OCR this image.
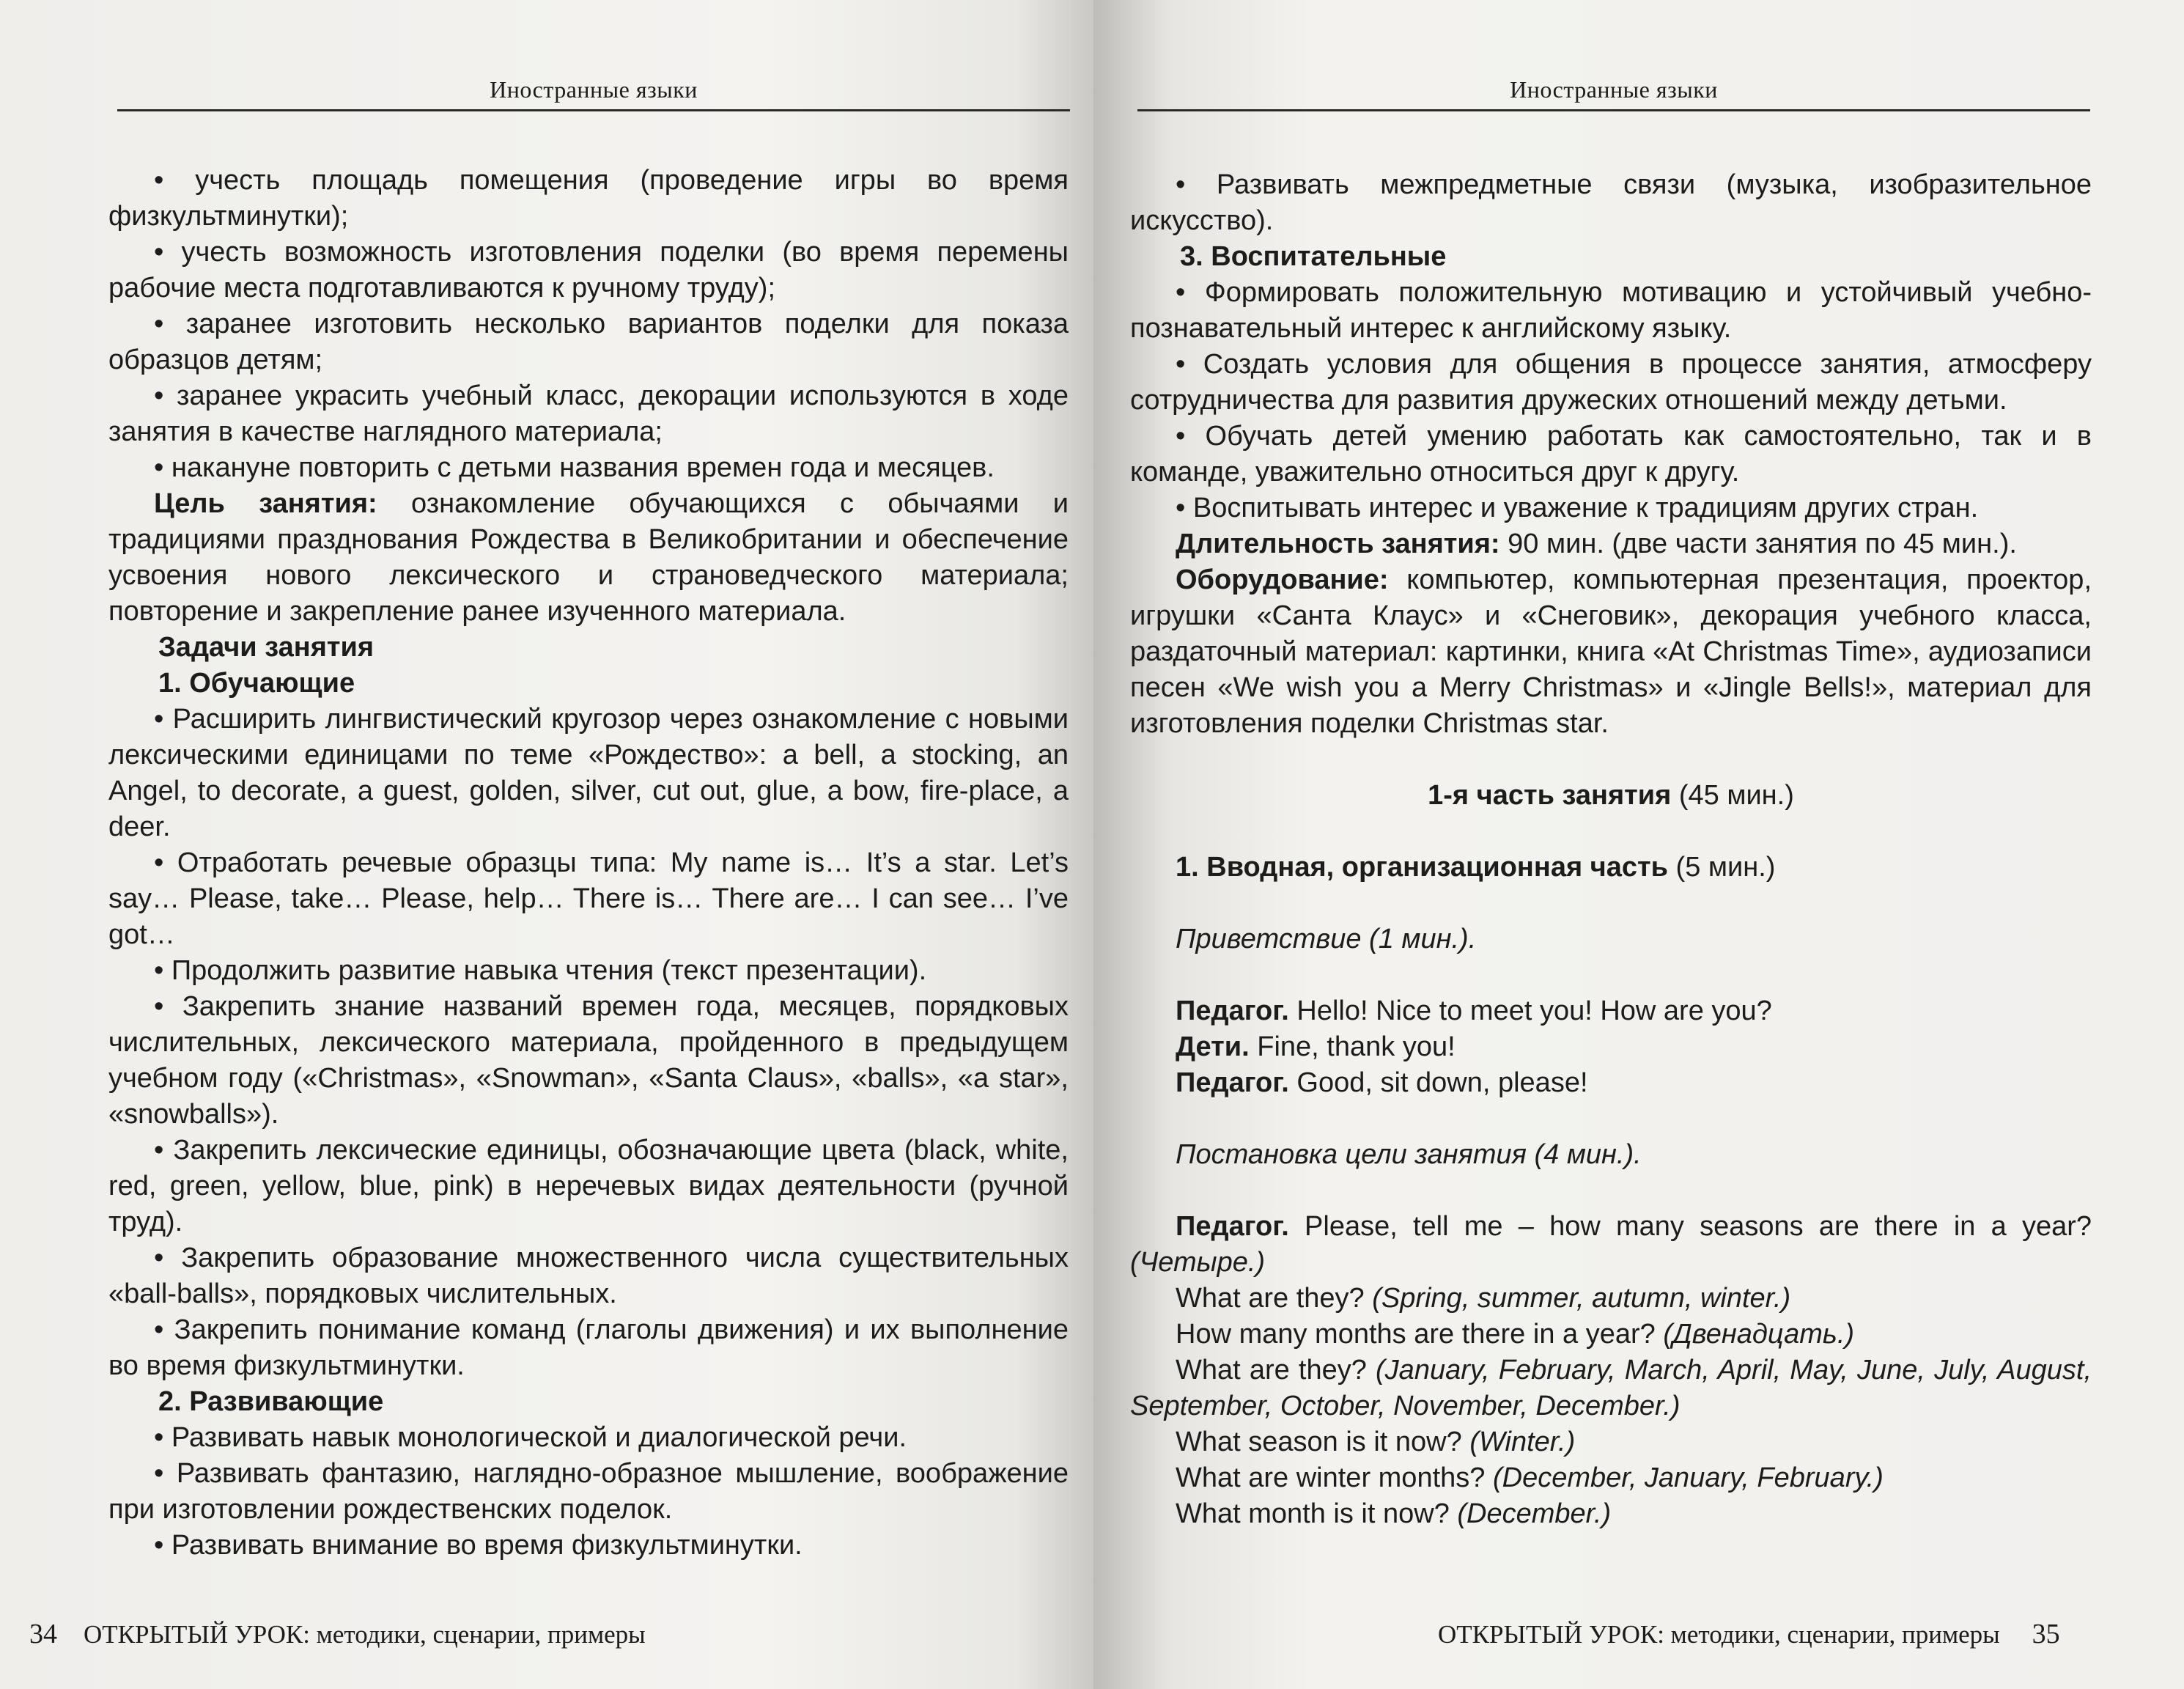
Иностранные языки

• учесть площадь помещения (проведение игры во время физкультминутки);

• учесть возможность изготовления поделки (во время перемены рабочие места подготавливаются к ручному труду);

• заранее изготовить несколько вариантов поделки для показа образцов детям;

• заранее украсить учебный класс, декорации используются в ходе занятия в качестве наглядного материала;

• накануне повторить с детьми названия времен года и месяцев.

Цель занятия: ознакомление обучающихся с обычаями и традициями празднования Рождества в Великобритании и обеспечение усвоения нового лексического и страноведческого материала; повторение и закрепление ранее изученного материала.

Задачи занятия

1. Обучающие

• Расширить лингвистический кругозор через ознакомление с новыми лексическими единицами по теме «Рождество»: a bell, a stocking, an Angel, to decorate, a guest, golden, silver, cut out, glue, a bow, fire-place, a deer.

• Отработать речевые образцы типа: My name is… It’s a star. Let’s say… Please, take… Please, help… There is… There are… I can see… I’ve got…

• Продолжить развитие навыка чтения (текст презентации).

• Закрепить знание названий времен года, месяцев, порядковых числительных, лексического материала, пройденного в предыдущем учебном году («Christmas», «Snowman», «Santa Claus», «balls», «a star», «snowballs»).

• Закрепить лексические единицы, обозначающие цвета (black, white, red, green, yellow, blue, pink) в неречевых видах деятельности (ручной труд).

• Закрепить образование множественного числа существительных «ball-balls», порядковых числительных.

• Закрепить понимание команд (глаголы движения) и их выполнение во время физкультминутки.

2. Развивающие

• Развивать навык монологической и диалогической речи.

• Развивать фантазию, наглядно-образное мышление, воображение при изготовлении рождественских поделок.

• Развивать внимание во время физкультминутки.

34 ОТКРЫТЫЙ УРОК: методики, сценарии, примеры
Иностранные языки

• Развивать межпредметные связи (музыка, изобразительное искусство).

3. Воспитательные

• Формировать положительную мотивацию и устойчивый учебно-познавательный интерес к английскому языку.

• Создать условия для общения в процессе занятия, атмосферу сотрудничества для развития дружеских отношений между детьми.

• Обучать детей умению работать как самостоятельно, так и в команде, уважительно относиться друг к другу.

• Воспитывать интерес и уважение к традициям других стран.

Длительность занятия: 90 мин. (две части занятия по 45 мин.).

Оборудование: компьютер, компьютерная презентация, проектор, игрушки «Санта Клаус» и «Снеговик», декорация учебного класса, раздаточный материал: картинки, книга «At Christmas Time», аудиозаписи песен «We wish you a Merry Christmas» и «Jingle Bells!», материал для изготовления поделки Christmas star.

1-я часть занятия (45 мин.)

1. Вводная, организационная часть (5 мин.)

Приветствие (1 мин.).

Педагог. Hello! Nice to meet you! How are you?

Дети. Fine, thank you!

Педагог. Good, sit down, please!

Постановка цели занятия (4 мин.).

Педагог. Please, tell me – how many seasons are there in a year? (Четыре.)

What are they? (Spring, summer, autumn, winter.)

How many months are there in a year? (Двенадцать.)

What are they? (January, February, March, April, May, June, July, August, September, October, November, December.)

What season is it now? (Winter.)

What are winter months? (December, January, February.)

What month is it now? (December.)

ОТКРЫТЫЙ УРОК: методики, сценарии, примеры 35
